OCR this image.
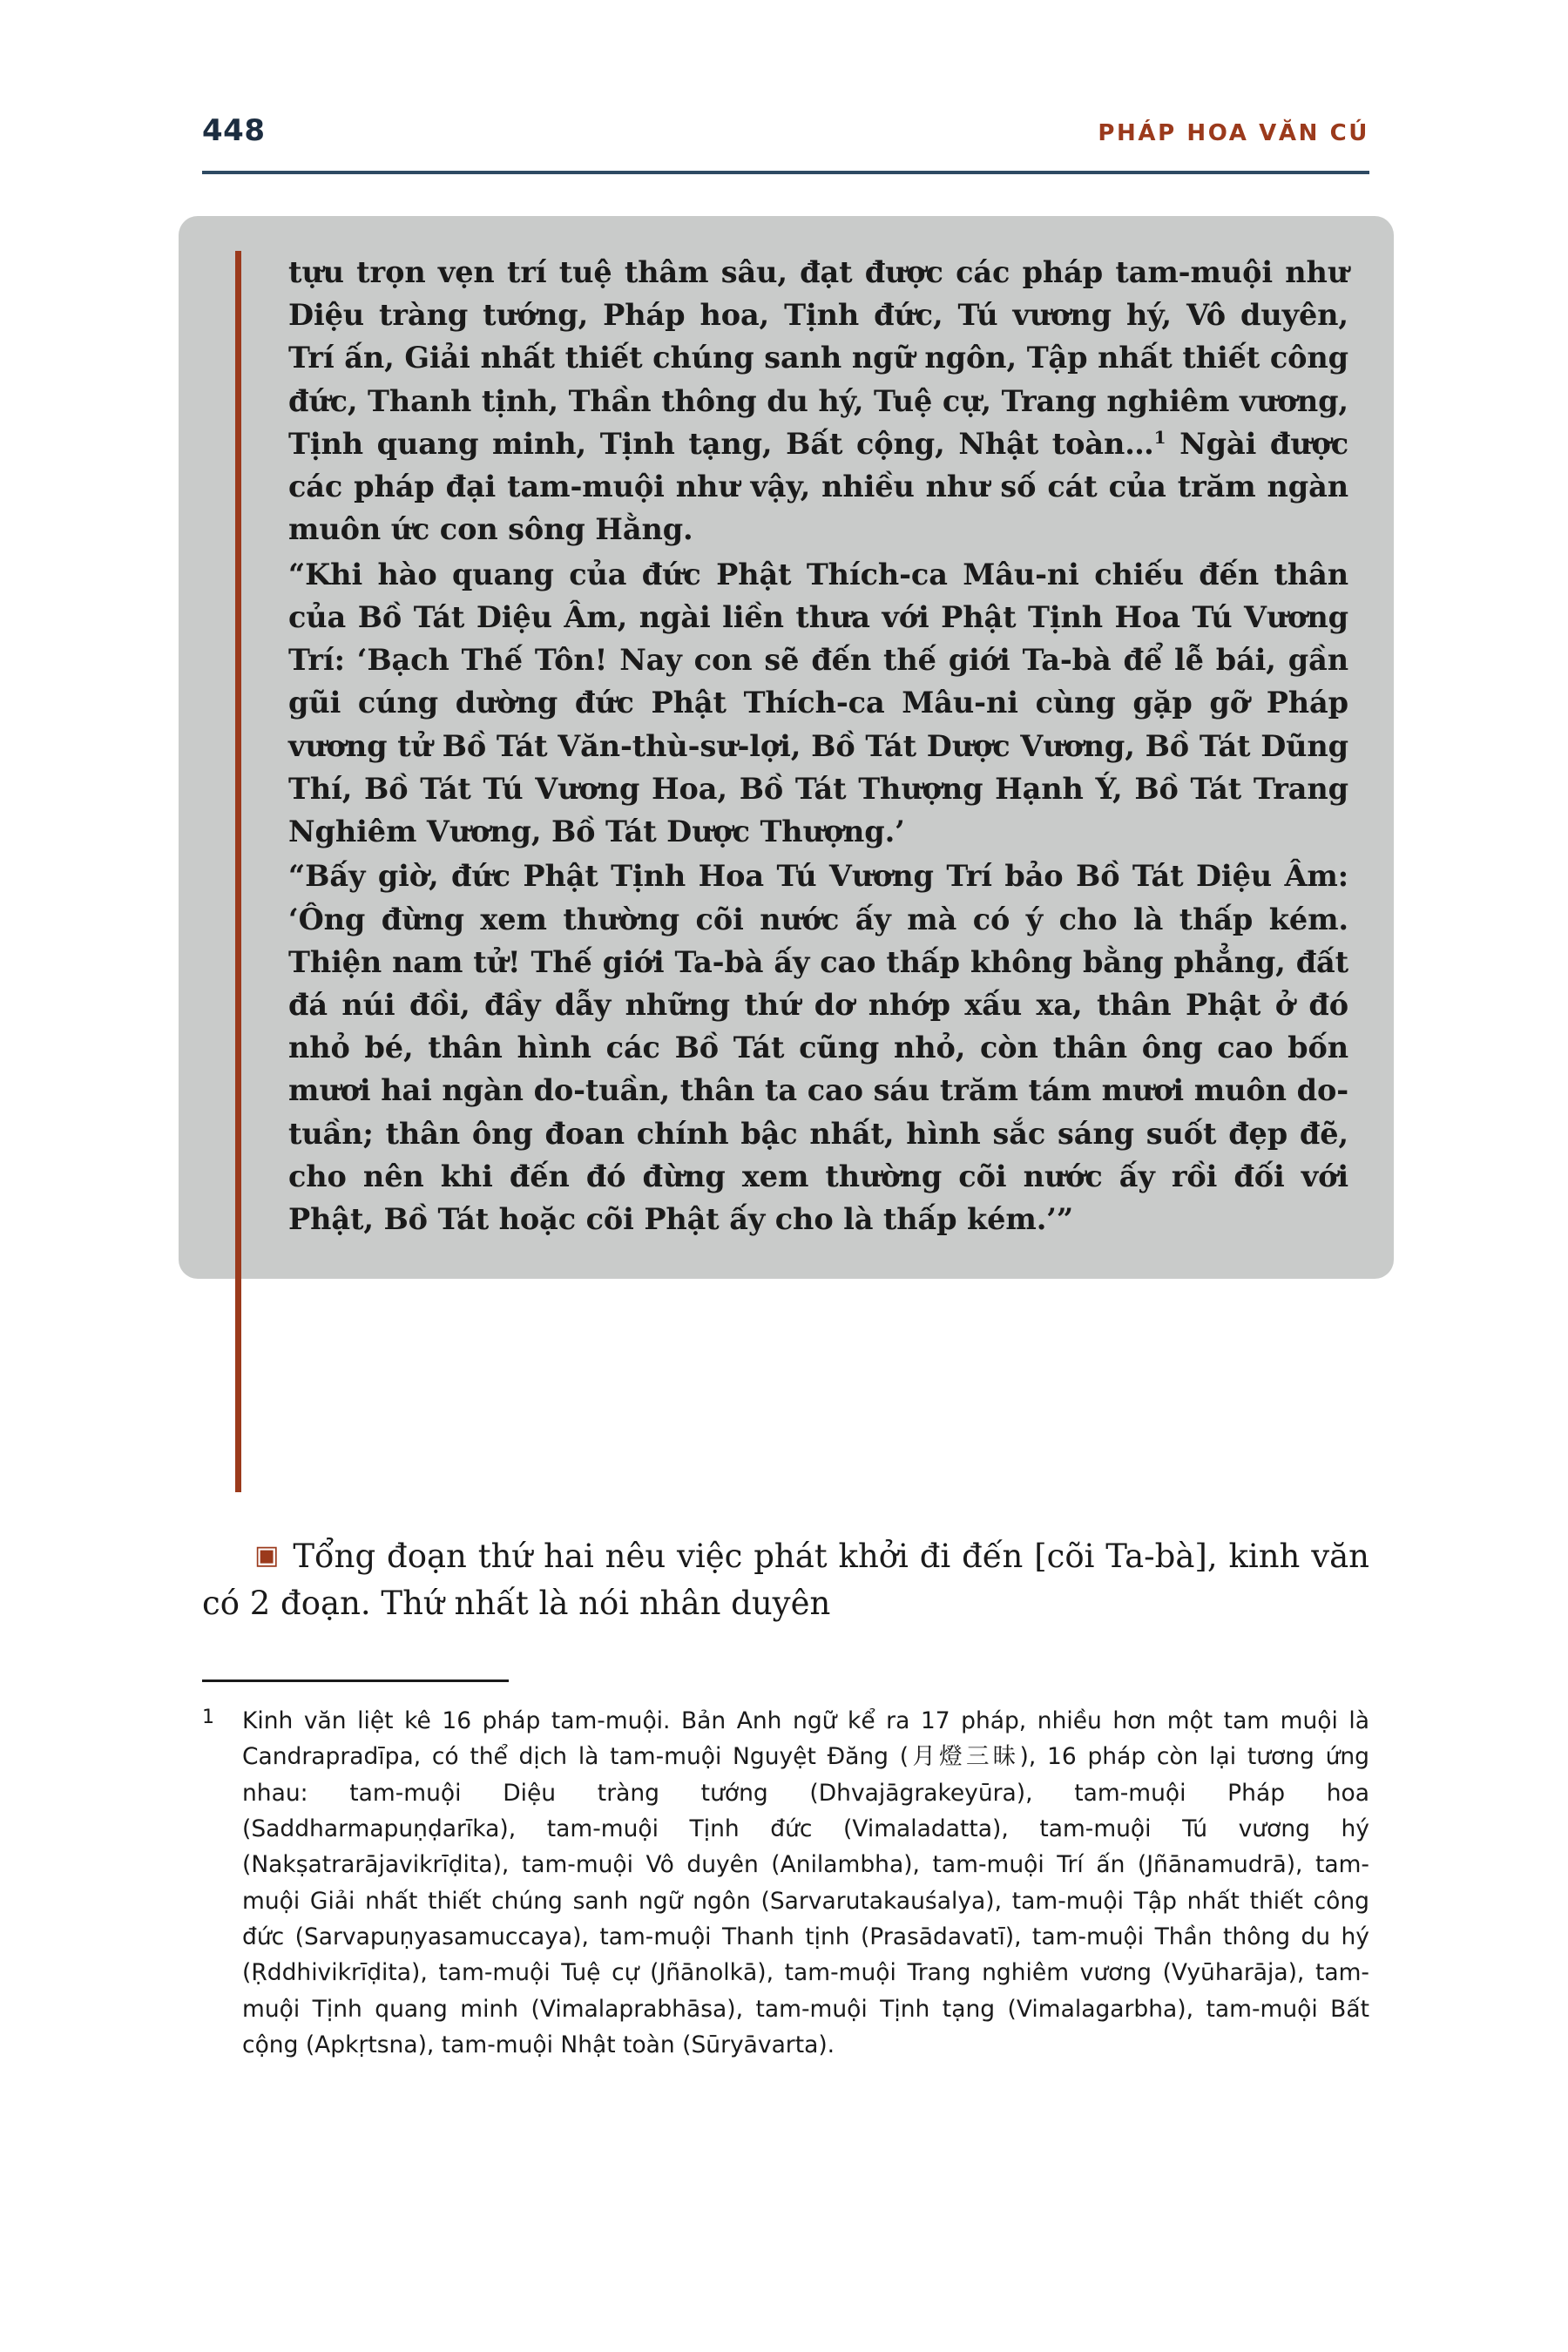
448	PHÁP HOA VĂN CÚ

tựu trọn vẹn trí tuệ thâm sâu, đạt được các pháp tam-muội như Diệu tràng tướng, Pháp hoa, Tịnh đức, Tú vương hý, Vô duyên, Trí ấn, Giải nhất thiết chúng sanh ngữ ngôn, Tập nhất thiết công đức, Thanh tịnh, Thần thông du hý, Tuệ cự, Trang nghiêm vương, Tịnh quang minh, Tịnh tạng, Bất cộng, Nhật toàn…$^1$ Ngài được các pháp đại tam-muội như vậy, nhiều như số cát của trăm ngàn muôn ức con sông Hằng.

“Khi hào quang của đức Phật Thích-ca Mâu-ni chiếu đến thân của Bồ Tát Diệu Âm, ngài liền thưa với Phật Tịnh Hoa Tú Vương Trí: ‘Bạch Thế Tôn! Nay con sẽ đến thế giới Ta-bà để lễ bái, gần gũi cúng dường đức Phật Thích-ca Mâu-ni cùng gặp gỡ Pháp vương tử Bồ Tát Văn-thù-sư-lợi, Bồ Tát Dược Vương, Bồ Tát Dũng Thí, Bồ Tát Tú Vương Hoa, Bồ Tát Thượng Hạnh Ý, Bồ Tát Trang Nghiêm Vương, Bồ Tát Dược Thượng.’

“Bấy giờ, đức Phật Tịnh Hoa Tú Vương Trí bảo Bồ Tát Diệu Âm: ‘Ông đừng xem thường cõi nước ấy mà có ý cho là thấp kém. Thiện nam tử! Thế giới Ta-bà ấy cao thấp không bằng phẳng, đất đá núi đồi, đầy dẫy những thứ dơ nhớp xấu xa, thân Phật ở đó nhỏ bé, thân hình các Bồ Tát cũng nhỏ, còn thân ông cao bốn mươi hai ngàn do-tuần, thân ta cao sáu trăm tám mươi muôn do-tuần; thân ông đoan chính bậc nhất, hình sắc sáng suốt đẹp đẽ, cho nên khi đến đó đừng xem thường cõi nước ấy rồi đối với Phật, Bồ Tát hoặc cõi Phật ấy cho là thấp kém.’”

▣ Tổng đoạn thứ hai nêu việc phát khởi đi đến [cõi Ta-bà], kinh văn có 2 đoạn. Thứ nhất là nói nhân duyên

1 Kinh văn liệt kê 16 pháp tam-muội. Bản Anh ngữ kể ra 17 pháp, nhiều hơn một tam muội là Candrapradīpa, có thể dịch là tam-muội Nguyệt Đăng (月燈三昧), 16 pháp còn lại tương ứng nhau: tam-muội Diệu tràng tướng (Dhvajāgrakeyūra), tam-muội Pháp hoa (Saddharmapuṇḍarīka), tam-muội Tịnh đức (Vimaladatta), tam-muội Tú vương hý (Nakṣatrarājavikrīḍita), tam-muội Vô duyên (Anilambha), tam-muội Trí ấn (Jñānamudrā), tam-muội Giải nhất thiết chúng sanh ngữ ngôn (Sarvarutakauśalya), tam-muội Tập nhất thiết công đức (Sarvapuṇyasamuccaya), tam-muội Thanh tịnh (Prasādavatī), tam-muội Thần thông du hý (Ṛddhivikrīḍita), tam-muội Tuệ cự (Jñānolkā), tam-muội Trang nghiêm vương (Vyūharāja), tam-muội Tịnh quang minh (Vimalaprabhāsa), tam-muội Tịnh tạng (Vimalagarbha), tam-muội Bất cộng (Apkṛtsna), tam-muội Nhật toàn (Sūryāvarta).
